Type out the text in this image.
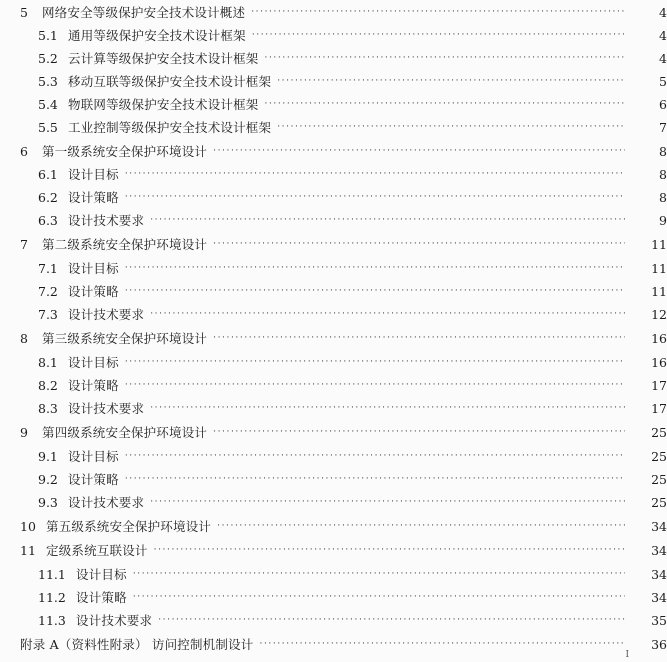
5	网络安全等级保护安全技术设计概述 ·····	4
5.1 通用等级保护安全技术设计框架 ·····	4
5.2 云计算等级保护安全技术设计框架 ·····	4
5.3 移动互联等级保护安全技术设计框架 ·····	5
5.4 物联网等级保护安全技术设计框架 ·····	6
5.5 工业控制等级保护安全技术设计框架 ·····	7
6	第一级系统安全保护环境设计 ·····	8
6.1 设计目标 ·····	8
6.2 设计策略 ·····	8
6.3 设计技术要求 ·····	9
7	第二级系统安全保护环境设计 ·····	11
7.1 设计目标 ·····	11
7.2 设计策略 ·····	11
7.3 设计技术要求 ·····	12
8	第三级系统安全保护环境设计 ·····	16
8.1 设计目标 ·····	16
8.2 设计策略 ·····	17
8.3 设计技术要求 ·····	17
9	第四级系统安全保护环境设计 ·····	25
9.1 设计目标 ·····	25
9.2 设计策略 ·····	25
9.3 设计技术要求 ·····	25
10 第五级系统安全保护环境设计 ·····	34
11 定级系统互联设计 ·····	34
11.1 设计目标 ·····	34
11.2 设计策略 ·····	34
11.3 设计技术要求 ·····	35
附录 A（资料性附录） 访问控制机制设计 ·····	36
I
